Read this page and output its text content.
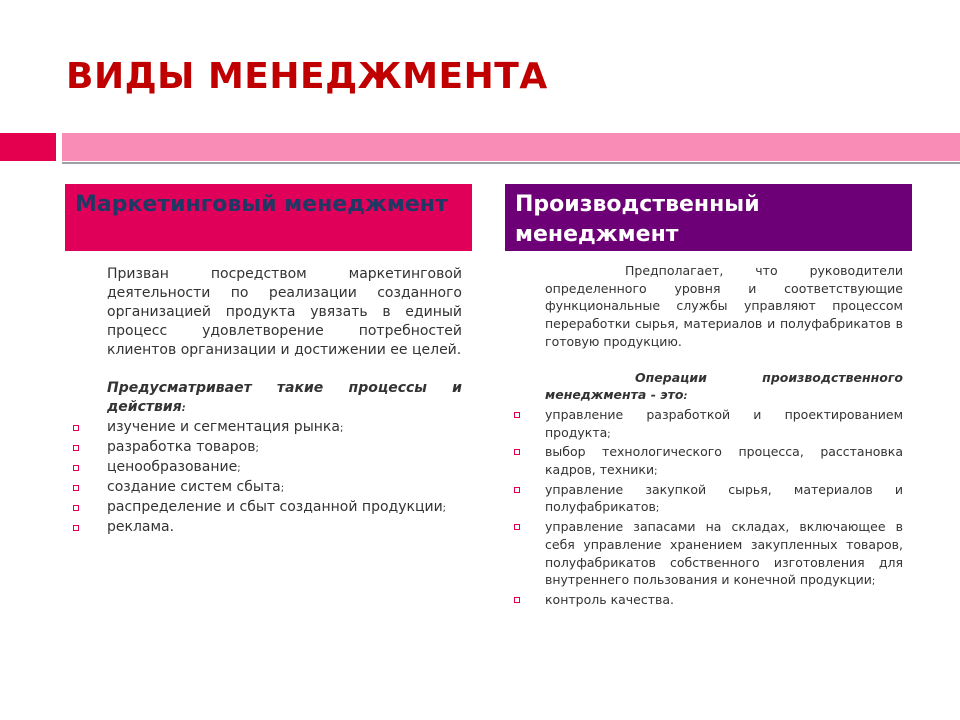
ВИДЫ МЕНЕДЖМЕНТА
Маркетинговый менеджмент	Производственный менеджмент

Призван посредством маркетинговой деятельности по реализации созданного организацией продукта увязать в единый процесс удовлетворение потребностей клиентов организации и достижении ее целей.

Предусматривает такие процессы и действия:

изучение и сегментация рынка;
разработка товаров;
ценообразование;
создание систем сбыта;
распределение и сбыт созданной продукции;
реклама.

Предполагает, что руководители определенного уровня и соответствующие функциональные службы управляют процессом переработки сырья, материалов и полуфабрикатов в готовую продукцию.

Операции производственного менеджмента - это:

управление разработкой и проектированием продукта;
выбор технологического процесса, расстановка кадров, техники;
управление закупкой сырья, материалов и полуфабрикатов;
управление запасами на складах, включающее в себя управление хранением закупленных товаров, полуфабрикатов собственного изготовления для внутреннего пользования и конечной продукции;
контроль качества.
